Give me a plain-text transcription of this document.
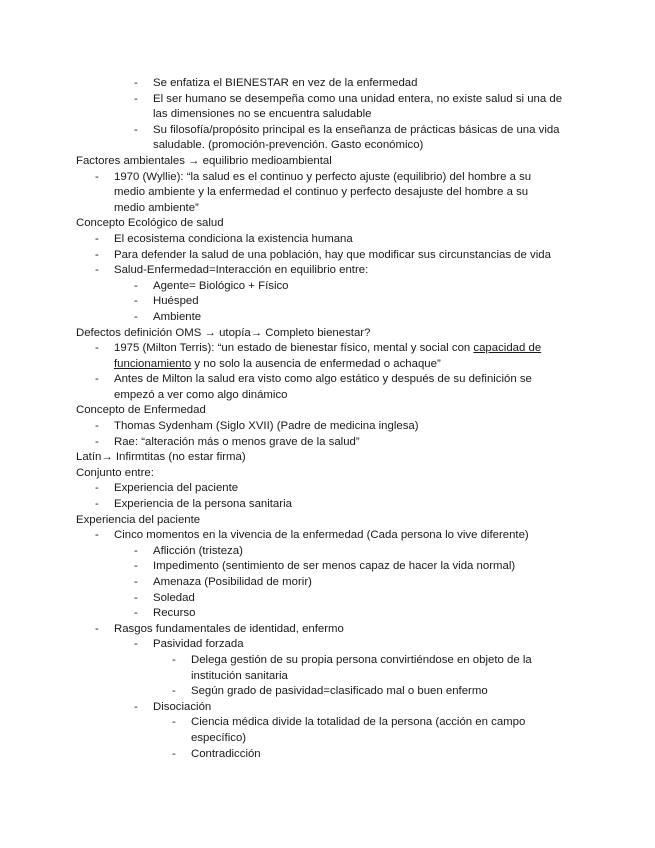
- Se enfatiza el BIENESTAR en vez de la enfermedad
- El ser humano se desempeña como una unidad entera, no existe salud si una de
las dimensiones no se encuentra saludable
- Su filosofía/propósito principal es la enseñanza de prácticas básicas de una vida
saludable. (promoción-prevención. Gasto económico)
Factores ambientales → equilibrio medioambiental
- 1970 (Wyllie): “la salud es el continuo y perfecto ajuste (equilibrio) del hombre a su
medio ambiente y la enfermedad el continuo y perfecto desajuste del hombre a su
medio ambiente”
Concepto Ecológico de salud
- El ecosistema condiciona la existencia humana
- Para defender la salud de una población, hay que modificar sus circunstancias de vida
- Salud-Enfermedad=Interacción en equilibrio entre:
- Agente= Biológico + Físico
- Huésped
- Ambiente
Defectos definición OMS → utopía→ Completo bienestar?
- 1975 (Milton Terris): “un estado de bienestar físico, mental y social con capacidad de
funcionamiento y no solo la ausencia de enfermedad o achaque”
- Antes de Milton la salud era visto como algo estático y después de su definición se
empezó a ver como algo dinámico
Concepto de Enfermedad
- Thomas Sydenham (Siglo XVII) (Padre de medicina inglesa)
- Rae: “alteración más o menos grave de la salud”
Latín→ Infirmtitas (no estar firma)
Conjunto entre:
- Experiencia del paciente
- Experiencia de la persona sanitaria
Experiencia del paciente
- Cinco momentos en la vivencia de la enfermedad (Cada persona lo vive diferente)
- Aflicción (tristeza)
- Impedimento (sentimiento de ser menos capaz de hacer la vida normal)
- Amenaza (Posibilidad de morir)
- Soledad
- Recurso
- Rasgos fundamentales de identidad, enfermo
- Pasividad forzada
- Delega gestión de su propia persona convirtiéndose en objeto de la
institución sanitaria
- Según grado de pasividad=clasificado mal o buen enfermo
- Disociación
- Ciencia médica divide la totalidad de la persona (acción en campo
específico)
- Contradicción
